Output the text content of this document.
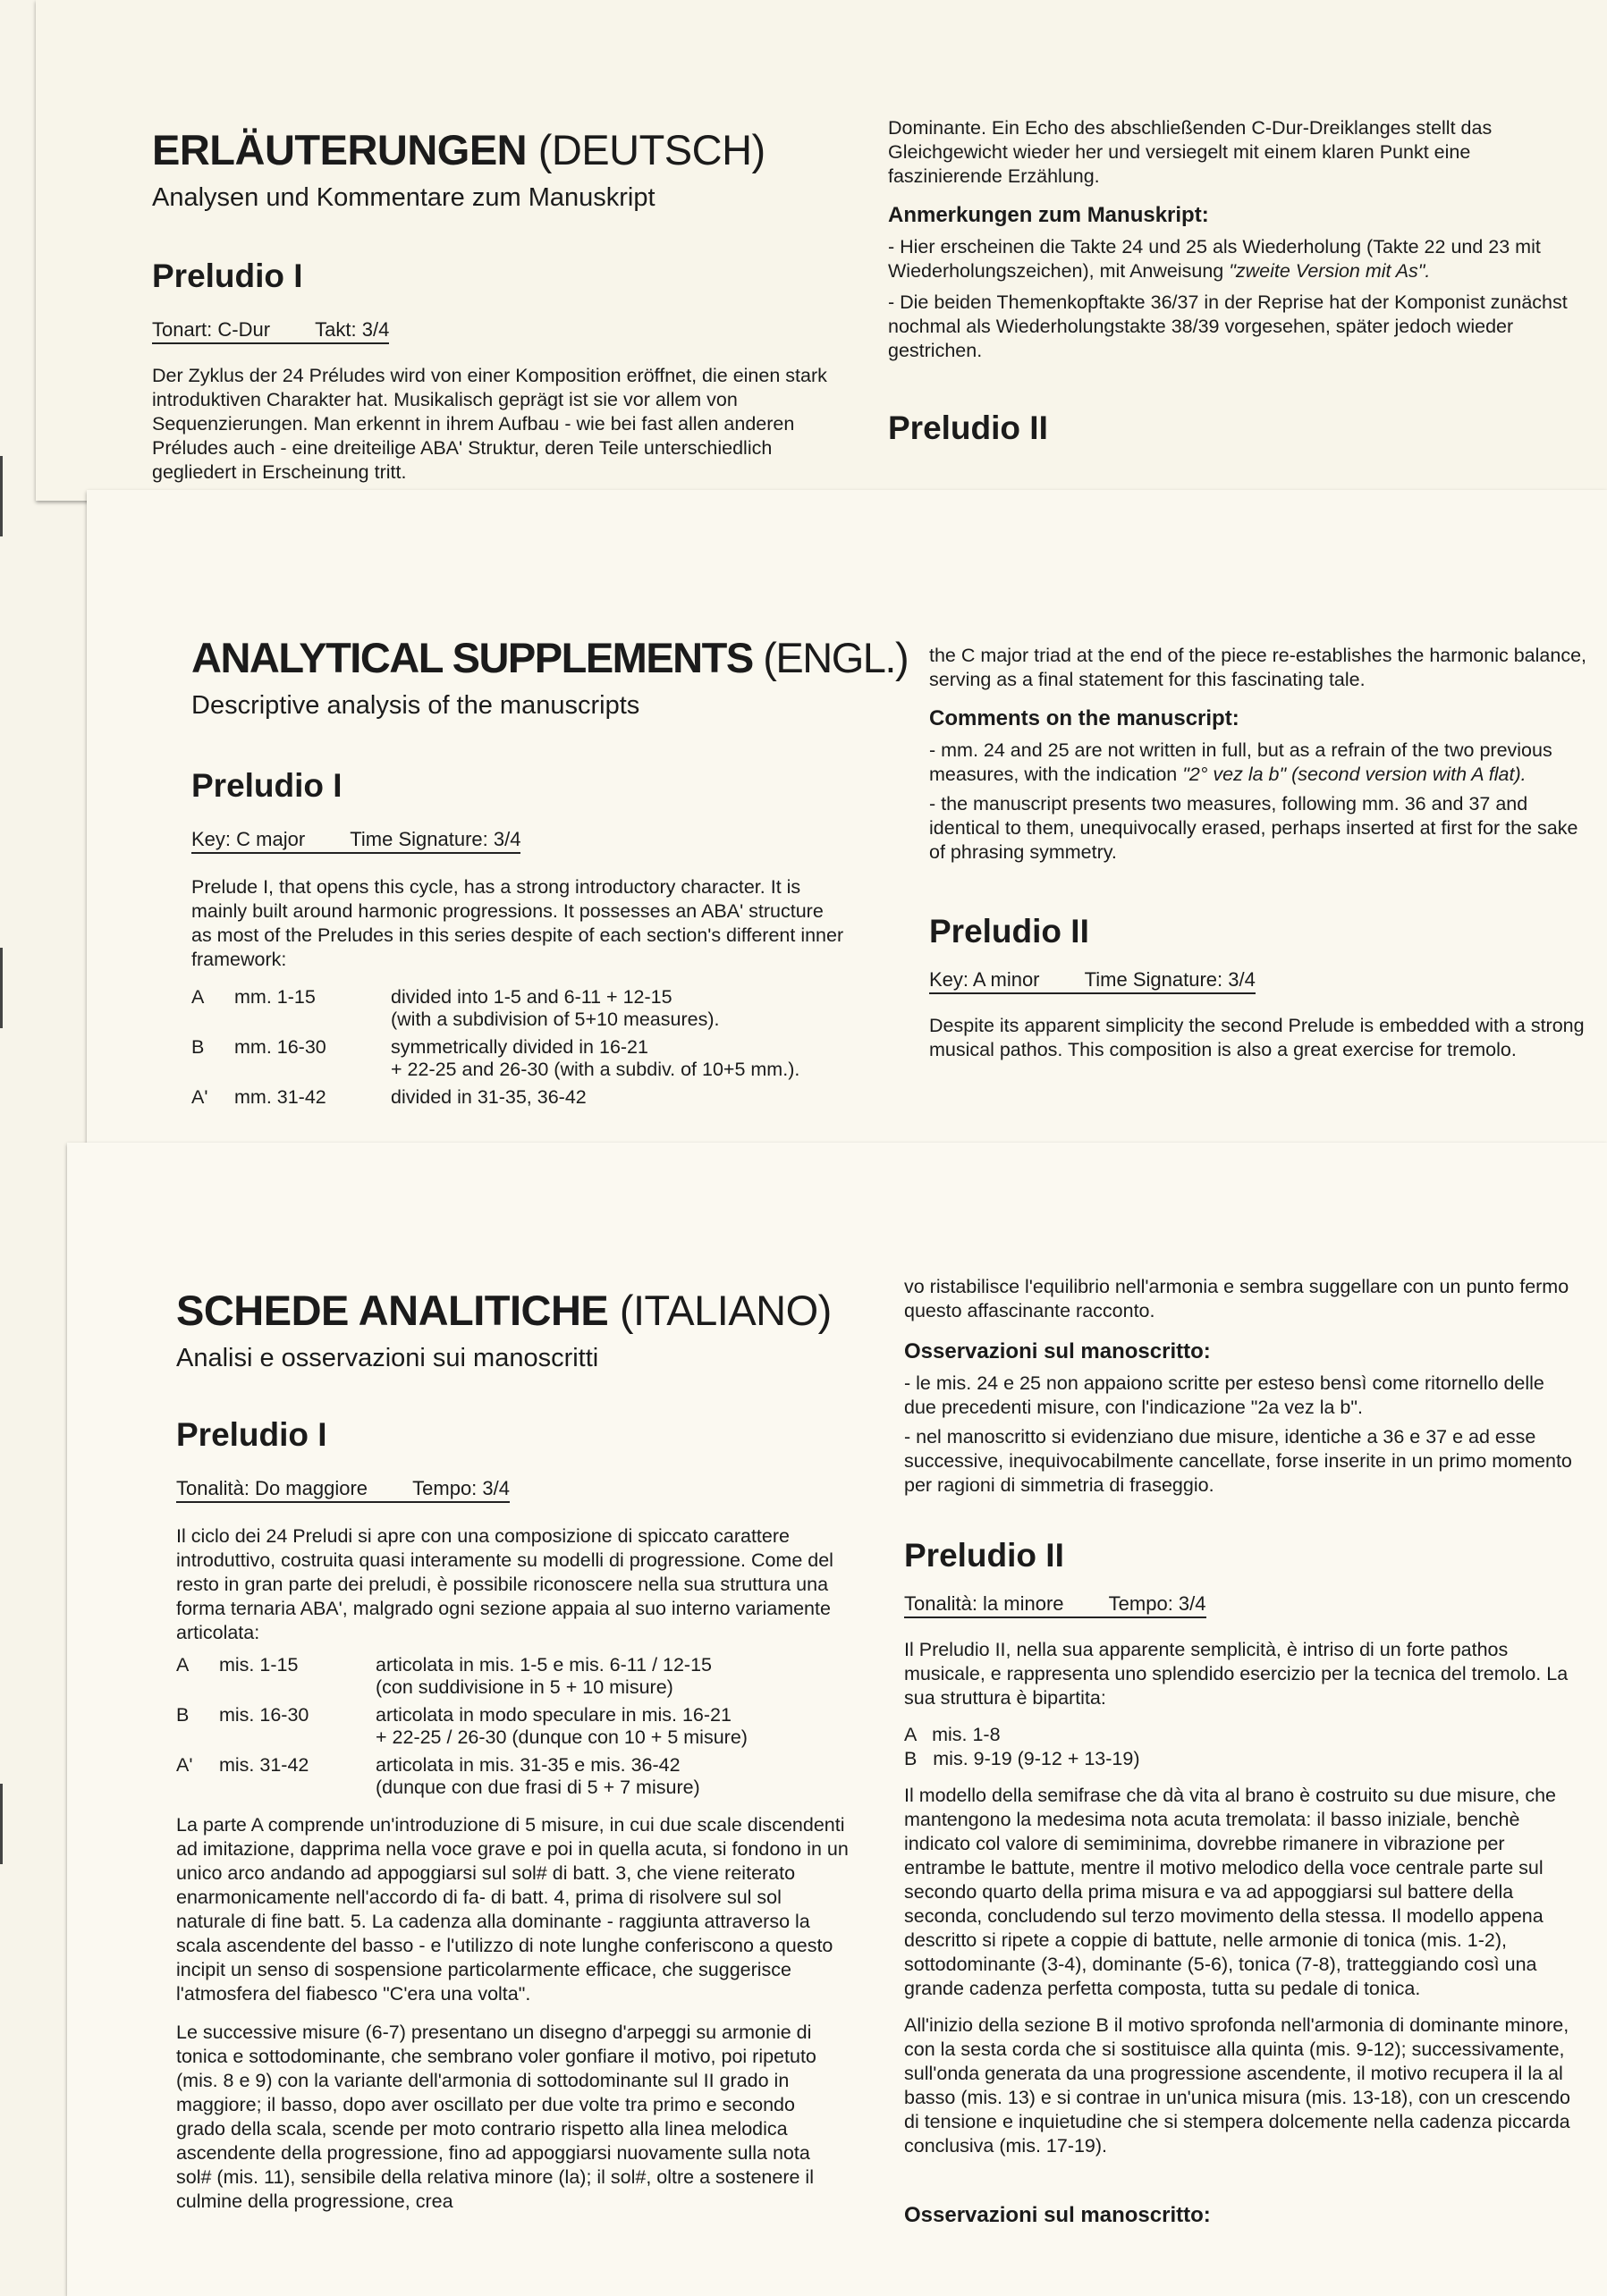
ERLÄUTERUNGEN (DEUTSCH)

Analysen und Kommentare zum Manuskript

Preludio I
Tonart: C-Dur Takt: 3/4

Der Zyklus der 24 Préludes wird von einer Komposition eröffnet, die einen stark introduktiven Charakter hat. Musikalisch geprägt ist sie vor allem von Sequenzierungen. Man erkennt in ihrem Aufbau - wie bei fast allen anderen Préludes auch - eine dreiteilige ABA' Struktur, deren Teile unterschiedlich gegliedert in Erscheinung tritt.

Dominante. Ein Echo des abschließenden C-Dur-Dreiklanges stellt das Gleichgewicht wieder her und versiegelt mit einem klaren Punkt eine faszinierende Erzählung.

Anmerkungen zum Manuskript:

- Hier erscheinen die Takte 24 und 25 als Wiederholung (Takte 22 und 23 mit Wiederholungszeichen), mit Anweisung "zweite Version mit As".

- Die beiden Themenkopftakte 36/37 in der Reprise hat der Komponist zunächst nochmal als Wiederholungstakte 38/39 vorgesehen, später jedoch wieder gestrichen.

Preludio II
ANALYTICAL SUPPLEMENTS (ENGL.)

Descriptive analysis of the manuscripts

Preludio I
Key: C major Time Signature: 3/4

Prelude I, that opens this cycle, has a strong introductory character. It is mainly built around harmonic progressions. It possesses an ABA' structure as most of the Preludes in this series despite of each section's different inner framework:

A	mm. 1-15	divided into 1-5 and 6-11 + 12-15
(with a subdivision of 5+10 measures).
B	mm. 16-30	symmetrically divided in 16-21
+ 22-25 and 26-30 (with a subdiv. of 10+5 mm.).
A'	mm. 31-42	divided in 31-35, 36-42

the C major triad at the end of the piece re-establishes the harmonic balance, serving as a final statement for this fascinating tale.

Comments on the manuscript:

- mm. 24 and 25 are not written in full, but as a refrain of the two previous measures, with the indication "2° vez la b" (second version with A flat).

- the manuscript presents two measures, following mm. 36 and 37 and identical to them, unequivocally erased, perhaps inserted at first for the sake of phrasing symmetry.

Preludio II
Key: A minor Time Signature: 3/4

Despite its apparent simplicity the second Prelude is embedded with a strong musical pathos. This composition is also a great exercise for tremolo.

SCHEDE ANALITICHE (ITALIANO)

Analisi e osservazioni sui manoscritti

Preludio I
Tonalità: Do maggiore Tempo: 3/4

Il ciclo dei 24 Preludi si apre con una composizione di spiccato carattere introduttivo, costruita quasi interamente su modelli di progressione. Come del resto in gran parte dei preludi, è possibile riconoscere nella sua struttura una forma ternaria ABA', malgrado ogni sezione appaia al suo interno variamente articolata:

A	mis. 1-15	articolata in mis. 1-5 e mis. 6-11 / 12-15
(con suddivisione in 5 + 10 misure)
B	mis. 16-30	articolata in modo speculare in mis. 16-21
+ 22-25 / 26-30 (dunque con 10 + 5 misure)
A'	mis. 31-42	articolata in mis. 31-35 e mis. 36-42
(dunque con due frasi di 5 + 7 misure)

La parte A comprende un'introduzione di 5 misure, in cui due scale discendenti ad imitazione, dapprima nella voce grave e poi in quella acuta, si fondono in un unico arco andando ad appoggiarsi sul sol# di batt. 3, che viene reiterato enarmonicamente nell'accordo di fa- di batt. 4, prima di risolvere sul sol naturale di fine batt. 5. La cadenza alla dominante - raggiunta attraverso la scala ascendente del basso - e l'utilizzo di note lunghe conferiscono a questo incipit un senso di sospensione particolarmente efficace, che suggerisce l'atmosfera del fiabesco "C'era una volta".

Le successive misure (6-7) presentano un disegno d'arpeggi su armonie di tonica e sottodominante, che sembrano voler gonfiare il motivo, poi ripetuto (mis. 8 e 9) con la variante dell'armonia di sottodominante sul II grado in maggiore; il basso, dopo aver oscillato per due volte tra primo e secondo grado della scala, scende per moto contrario rispetto alla linea melodica ascendente della progressione, fino ad appoggiarsi nuovamente sulla nota sol# (mis. 11), sensibile della relativa minore (la); il sol#, oltre a sostenere il culmine della progressione, crea

vo ristabilisce l'equilibrio nell'armonia e sembra suggellare con un punto fermo questo affascinante racconto.

Osservazioni sul manoscritto:

- le mis. 24 e 25 non appaiono scritte per esteso bensì come ritornello delle due precedenti misure, con l'indicazione "2a vez la b".

- nel manoscritto si evidenziano due misure, identiche a 36 e 37 e ad esse successive, inequivocabilmente cancellate, forse inserite in un primo momento per ragioni di simmetria di fraseggio.

Preludio II
Tonalità: la minore Tempo: 3/4

Il Preludio II, nella sua apparente semplicità, è intriso di un forte pathos musicale, e rappresenta uno splendido esercizio per la tecnica del tremolo. La sua struttura è bipartita:

A   mis. 1-8
B   mis. 9-19 (9-12 + 13-19)

Il modello della semifrase che dà vita al brano è costruito su due misure, che mantengono la medesima nota acuta tremolata: il basso iniziale, benchè indicato col valore di semiminima, dovrebbe rimanere in vibrazione per entrambe le battute, mentre il motivo melodico della voce centrale parte sul secondo quarto della prima misura e va ad appoggiarsi sul battere della seconda, concludendo sul terzo movimento della stessa. Il modello appena descritto si ripete a coppie di battute, nelle armonie di tonica (mis. 1-2), sottodominante (3-4), dominante (5-6), tonica (7-8), tratteggiando così una grande cadenza perfetta composta, tutta su pedale di tonica.

All'inizio della sezione B il motivo sprofonda nell'armonia di dominante minore, con la sesta corda che si sostituisce alla quinta (mis. 9-12); successivamente, sull'onda generata da una progressione ascendente, il motivo recupera il la al basso (mis. 13) e si contrae in un'unica misura (mis. 13-18), con un crescendo di tensione e inquietudine che si stempera dolcemente nella cadenza piccarda conclusiva (mis. 17-19).

Osservazioni sul manoscritto:
